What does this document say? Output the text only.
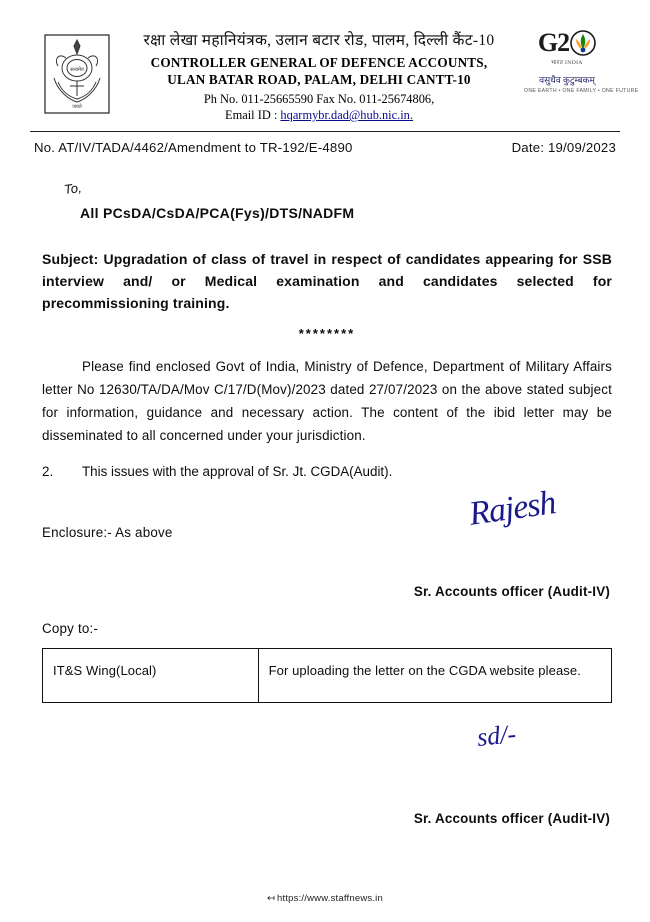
सत्यमेव
जयते
रक्षा लेखा महानियंत्रक, उलान बटार रोड, पालम, दिल्ली कैंट-10
CONTROLLER GENERAL OF DEFENCE ACCOUNTS,
ULAN BATAR ROAD, PALAM, DELHI CANTT-10
Ph No. 011-25665590 Fax No. 011-25674806,
Email ID : hqarmybr.dad@hub.nic.in.
G2
भारत INDIA
वसुधैव कुटुम्बकम्
ONE EARTH • ONE FAMILY • ONE FUTURE
No. AT/IV/TADA/4462/Amendment to TR-192/E-4890	Date: 19/09/2023
To,
All PCsDA/CsDA/PCA(Fys)/DTS/NADFM
Subject: Upgradation of class of travel in respect of candidates appearing for SSB interview and/ or Medical examination and candidates selected for precommissioning training.
********
Please find enclosed Govt of India, Ministry of Defence, Department of Military Affairs letter No 12630/TA/DA/Mov C/17/D(Mov)/2023 dated 27/07/2023 on the above stated subject for information, guidance and necessary action. The content of the ibid letter may be disseminated to all concerned under your jurisdiction.
2.	This issues with the approval of Sr. Jt. CGDA(Audit).
Enclosure:- As above	Rajesh
Sr. Accounts officer (Audit-IV)
Copy to:-
IT&S Wing(Local)	For uploading the letter on the CGDA website please.
sd/-
Sr. Accounts officer (Audit-IV)
↤ https://www.staffnews.in
